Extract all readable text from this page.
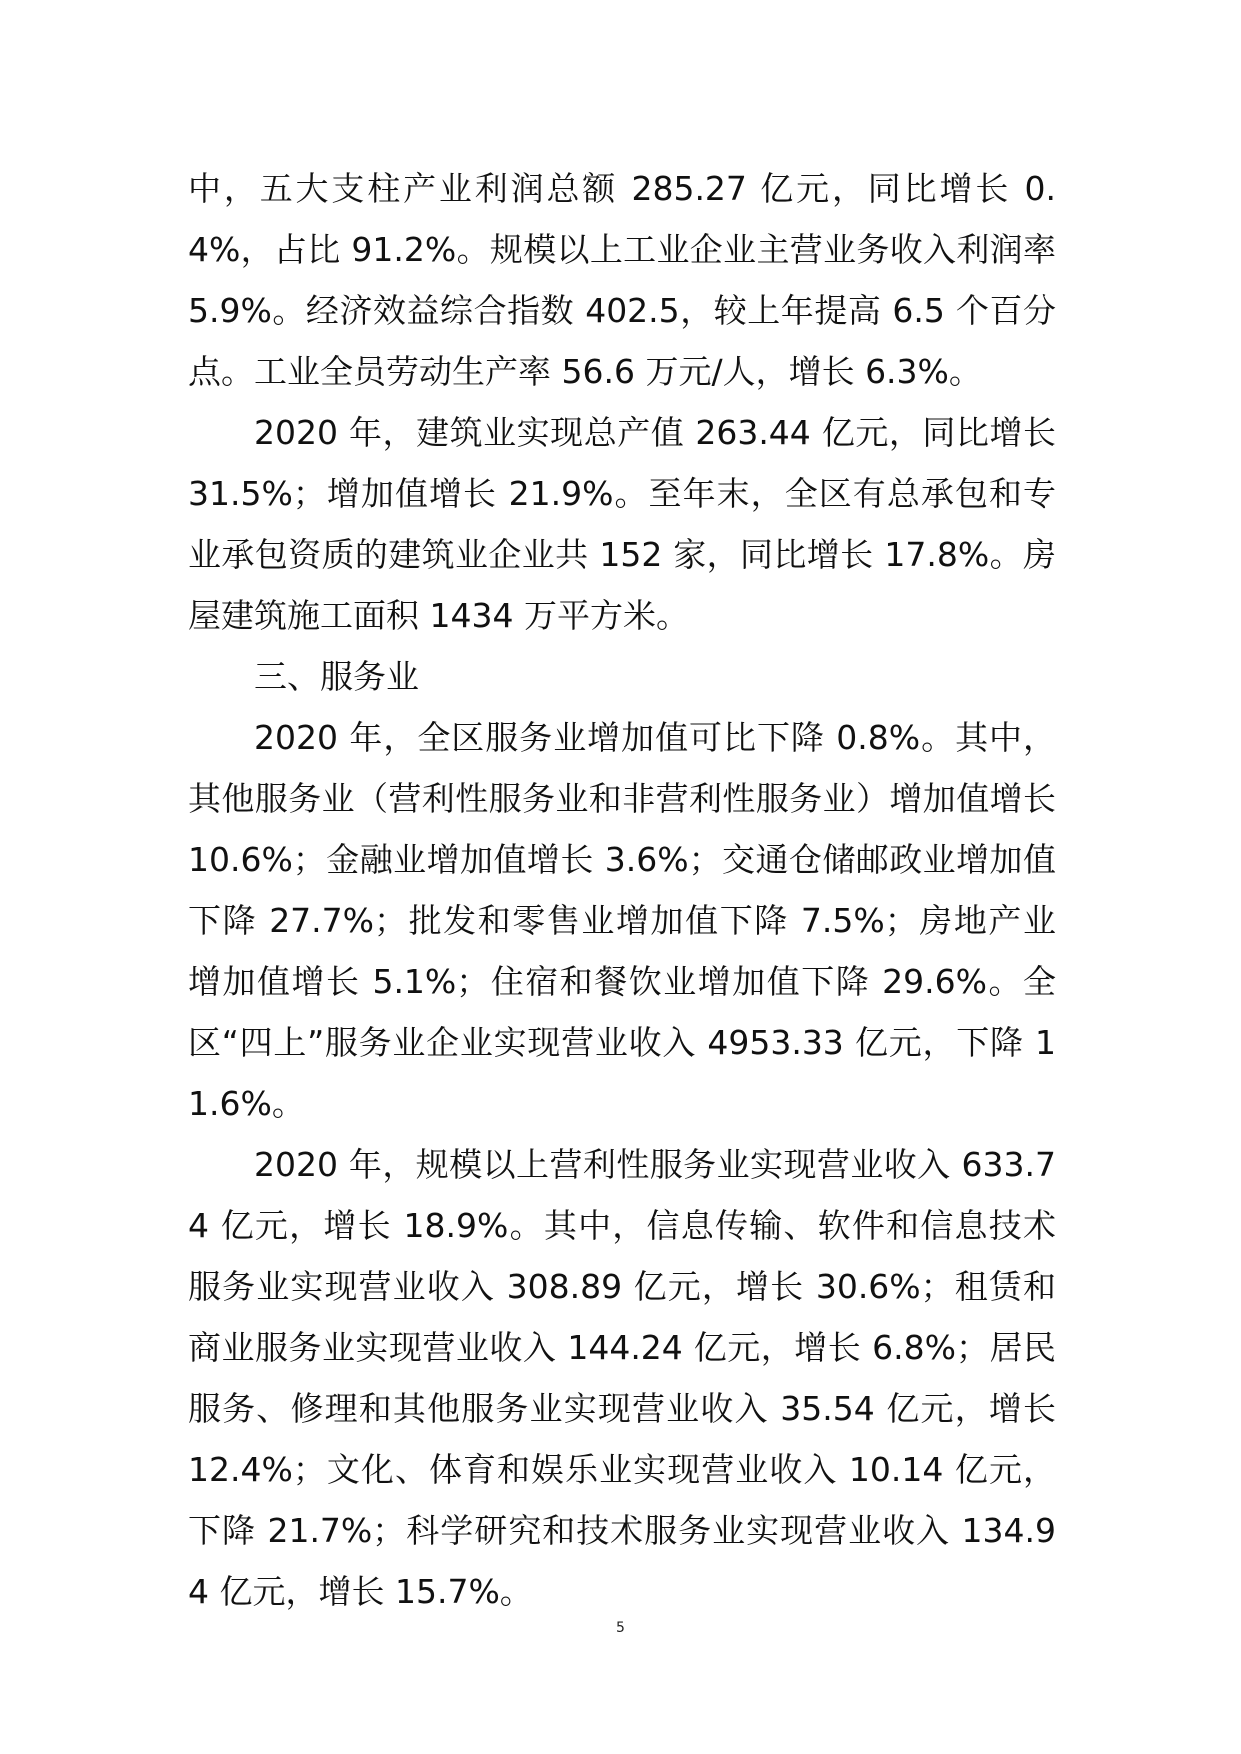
中，五大支柱产业利润总额 285.27 亿元，同比增长 0.4%，占比 91.2%。规模以上工业企业主营业务收入利润率 5.9%。经济效益综合指数 402.5，较上年提高 6.5 个百分点。工业全员劳动生产率 56.6 万元/人，增长 6.3%。

2020 年，建筑业实现总产值 263.44 亿元，同比增长 31.5%；增加值增长 21.9%。至年末，全区有总承包和专业承包资质的建筑业企业共 152 家，同比增长 17.8%。房屋建筑施工面积 1434 万平方米。

三、服务业

2020 年，全区服务业增加值可比下降 0.8%。其中，其他服务业（营利性服务业和非营利性服务业）增加值增长 10.6%；金融业增加值增长 3.6%；交通仓储邮政业增加值下降 27.7%；批发和零售业增加值下降 7.5%；房地产业增加值增长 5.1%；住宿和餐饮业增加值下降 29.6%。全区“四上”服务业企业实现营业收入 4953.33 亿元，下降 11.6%。

2020 年，规模以上营利性服务业实现营业收入 633.74 亿元，增长 18.9%。其中，信息传输、软件和信息技术服务业实现营业收入 308.89 亿元，增长 30.6%；租赁和商业服务业实现营业收入 144.24 亿元，增长 6.8%；居民服务、修理和其他服务业实现营业收入 35.54 亿元，增长 12.4%；文化、体育和娱乐业实现营业收入 10.14 亿元，下降 21.7%；科学研究和技术服务业实现营业收入 134.94 亿元，增长 15.7%。

5
